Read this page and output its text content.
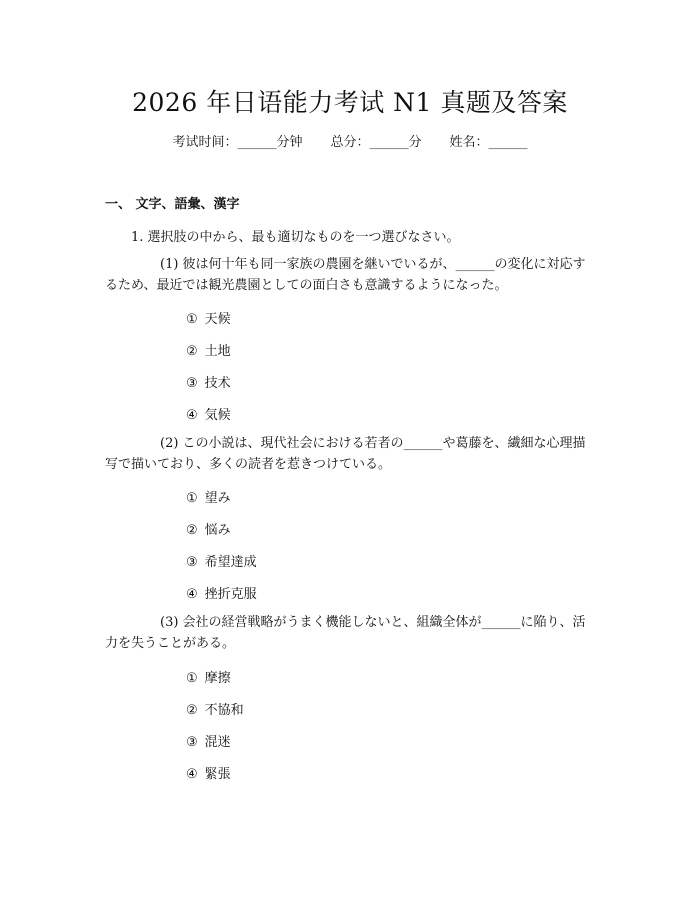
2026 年日语能力考试 N1 真题及答案
考试时间：______分钟 总分：______分 姓名：______
一、 文字、語彙、漢字
1. 選択肢の中から、最も適切なものを一つ選びなさい。
(1) 彼は何十年も同一家族の農園を継いでいるが、______の変化に対応するため、最近では観光農園としての面白さも意識するようになった。
① 天候
② 土地
③ 技术
④ 気候
(2) この小説は、現代社会における若者の______や葛藤を、繊細な心理描写で描いており、多くの読者を惹きつけている。
① 望み
② 悩み
③ 希望達成
④ 挫折克服
(3) 会社の経営戦略がうまく機能しないと、組織全体が______に陥り、活力を失うことがある。
① 摩擦
② 不協和
③ 混迷
④ 緊張
